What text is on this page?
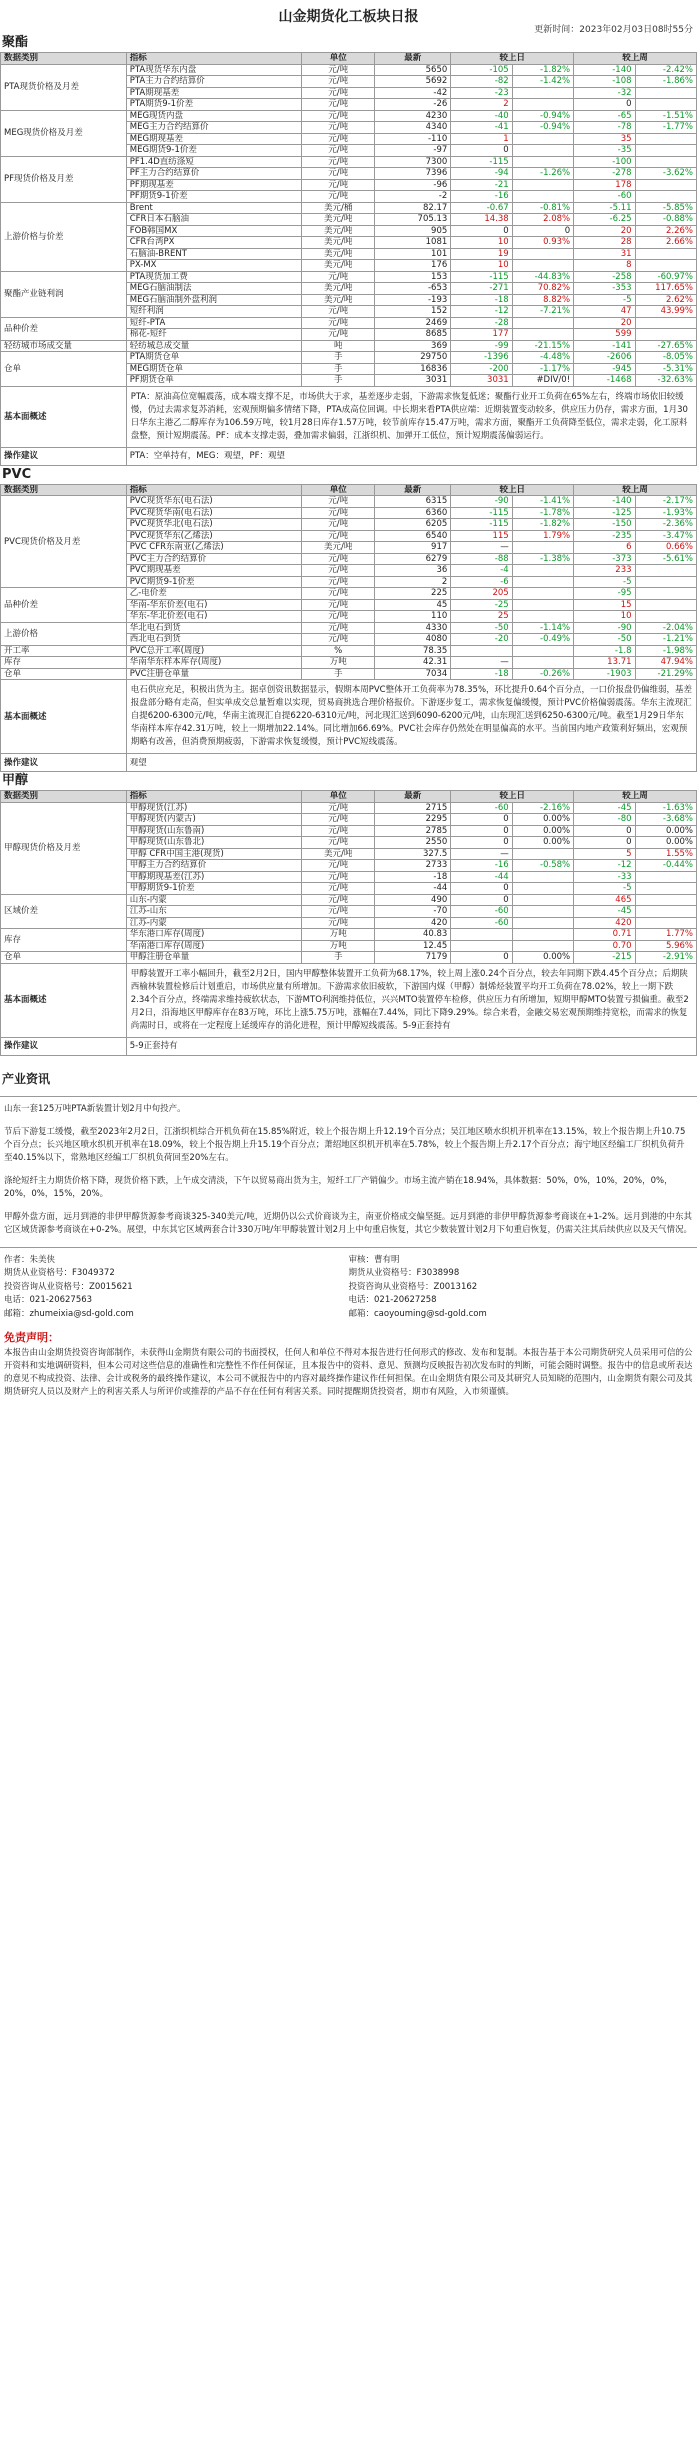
山金期货化工板块日报
更新时间：2023年02月03日08时55分
聚酯
数据类别	指标	单位	最新	较上日		较上周	
PTA现货价格及月差	PTA现货华东内盘	元/吨	5650	-105	-1.82%	-140	-2.42%
	PTA主力合约结算价	元/吨	5692	-82	-1.42%	-108	-1.86%
	PTA期现基差	元/吨	-42	-23		-32	
	PTA期货9-1价差	元/吨	-26	2		0	
MEG现货价格及月差	MEG现货内盘	元/吨	4230	-40	-0.94%	-65	-1.51%
	MEG主力合约结算价	元/吨	4340	-41	-0.94%	-78	-1.77%
	MEG期现基差	元/吨	-110	1		35	
	MEG期货9-1价差	元/吨	-97	0		-35	
PF现货价格及月差	PF1.4D直纺涤短	元/吨	7300	-115		-100	
	PF主力合约结算价	元/吨	7396	-94	-1.26%	-278	-3.62%
	PF期现基差	元/吨	-96	-21		178	
	PF期货9-1价差	元/吨	-2	-16		-60	
上游价格与价差	Brent	美元/桶	82.17	-0.67	-0.81%	-5.11	-5.85%
	CFR日本石脑油	美元/吨	705.13	14.38	2.08%	-6.25	-0.88%
	FOB韩国MX	美元/吨	905	0	0	20	2.26%
	CFR台湾PX	美元/吨	1081	10	0.93%	28	2.66%
	石脑油-BRENT	美元/吨	101	19		31	
	PX-MX	美元/吨	176	10		8	
聚酯产业链利润	PTA现货加工费	元/吨	153	-115	-44.83%	-258	-60.97%
	MEG石脑油制法	美元/吨	-653	-271	70.82%	-353	117.65%
	MEG石脑油制外盘利润	美元/吨	-193	-18	8.82%	-5	2.62%
	短纤利润	元/吨	152	-12	-7.21%	47	43.99%
品种价差	短纤-PTA	元/吨	2469	-28		20	
	棉花-短纤	元/吨	8685	177		599	
轻纺城市场成交量	轻纺城总成交量	吨	369	-99	-21.15%	-141	-27.65%
仓单	PTA期货仓单	手	29750	-1396	-4.48%	-2606	-8.05%
	MEG期货仓单	手	16836	-200	-1.17%	-945	-5.31%
	PF期货仓单	手	3031	3031	#DIV/0!	-1468	-32.63%
基本面概述	PTA：原油高位宽幅震荡，成本端支撑不足，市场供大于求，基差逐步走弱，下游需求恢复低迷；聚酯行业开工负荷在65%左右，终端市场依旧较缓慢，仍过去需求复苏消耗，宏观预期偏多情绪下降，PTA成高位回调。中长期来看PTA供应端：近期装置变动较多，供应压力仍存，需求方面，1月30日华东主港乙二醇库存为106.59万吨，较1月28日库存1.57万吨，较节前库存15.47万吨，需求方面，聚酯开工负荷降至低位，需求走弱，化工原料盘整，预计短期震荡。PF：成本支撑走弱，叠加需求偏弱，江浙织机、加弹开工低位，预计短期震荡偏弱运行。						
操作建议	PTA：空单持有，MEG：观望，PF：观望						
PVC
数据类别	指标	单位	最新	较上日		较上周	
PVC现货价格及月差	PVC现货华东(电石法)	元/吨	6315	-90	-1.41%	-140	-2.17%
	PVC现货华南(电石法)	元/吨	6360	-115	-1.78%	-125	-1.93%
	PVC现货华北(电石法)	元/吨	6205	-115	-1.82%	-150	-2.36%
	PVC现货华东(乙烯法)	元/吨	6540	115	1.79%	-235	-3.47%
	PVC CFR东南亚(乙烯法)	美元/吨	917	—		6	0.66%
	PVC主力合约结算价	元/吨	6279	-88	-1.38%	-373	-5.61%
	PVC期现基差	元/吨	36	-4		233	
	PVC期货9-1价差	元/吨	2	-6		-5	
品种价差	乙-电价差	元/吨	225	205		-95	
	华南-华东价差(电石)	元/吨	45	-25		15	
	华东-华北价差(电石)	元/吨	110	25		10	
上游价格	华北电石到货	元/吨	4330	-50	-1.14%	-90	-2.04%
	西北电石到货	元/吨	4080	-20	-0.49%	-50	-1.21%
开工率	PVC总开工率(周度)	%	78.35			-1.8	-1.98%
库存	华南华东样本库存(周度)	万吨	42.31	—		13.71	47.94%
仓单	PVC注册仓单量	手	7034	-18	-0.26%	-1903	-21.29%
基本面概述	电石供应充足，积极出货为主。据卓创资讯数据显示，假期本周PVC整体开工负荷率为78.35%，环比提升0.64个百分点，一口价报盘仍偏维弱，基差报盘部分略有走高，但实单成交总量暂难以实现，贸易商挑选合理价格报价。下游逐步复工，需求恢复偏缓慢，预计PVC价格偏弱震荡。华东主流现汇自提6200-6300元/吨，华南主流现汇自提6220-6310元/吨，河北现汇送到6090-6200元/吨，山东现汇送到6250-6300元/吨。截至1月29日华东华南样本库存42.31万吨，较上一期增加22.14%。同比增加66.69%。PVC社会库存仍然处在明显偏高的水平。当前国内地产政策利好频出，宏观预期略有改善，但消费预期疲弱，下游需求恢复缓慢，预计PVC短线震荡。						
操作建议	观望						
甲醇
数据类别	指标	单位	最新	较上日		较上周	
甲醇现货价格及月差	甲醇现货(江苏)	元/吨	2715	-60	-2.16%	-45	-1.63%
	甲醇现货(内蒙古)	元/吨	2295	0	0.00%	-80	-3.68%
	甲醇现货(山东鲁南)	元/吨	2785	0	0.00%	0	0.00%
	甲醇现货(山东鲁北)	元/吨	2550	0	0.00%	0	0.00%
	甲醇 CFR中国主港(现货)	美元/吨	327.5	—		5	1.55%
	甲醇主力合约结算价	元/吨	2733	-16	-0.58%	-12	-0.44%
	甲醇期现基差(江苏)	元/吨	-18	-44		-33	
	甲醇期货9-1价差	元/吨	-44	0		-5	
区域价差	山东-内蒙	元/吨	490	0		465	
	江苏-山东	元/吨	-70	-60		-45	
	江苏-内蒙	元/吨	420	-60		420	
库存	华东港口库存(周度)	万吨	40.83			0.71	1.77%
	华南港口库存(周度)	万吨	12.45			0.70	5.96%
仓单	甲醇注册仓单量	手	7179	0	0.00%	-215	-2.91%
基本面概述	甲醇装置开工率小幅回升，截至2月2日，国内甲醇整体装置开工负荷为68.17%，较上周上涨0.24个百分点，较去年同期下跌4.45个百分点；后期陕西榆林装置检修后计划重启，市场供应量有所增加。下游需求依旧疲软，下游国内煤（甲醇）制烯烃装置平均开工负荷在78.02%，较上一期下跌2.34个百分点，终端需求维持疲软状态，下游MTO利润维持低位，兴兴MTO装置停车检修，供应压力有所增加，短期甲醇MTO装置亏损偏重。截至2月2日，沿海地区甲醇库存在83万吨，环比上涨5.75万吨，涨幅在7.44%，同比下降9.29%。综合来看，金融交易宏观预期维持宽松，而需求的恢复尚需时日，或将在一定程度上延缓库存的消化进程，预计甲醇短线震荡。5-9正套持有						
操作建议	5-9正套持有						
产业资讯

山东一套125万吨PTA新装置计划2月中旬投产。

节后下游复工缓慢，截至2023年2月2日，江浙织机综合开机负荷在15.85%附近，较上个报告期上升12.19个百分点；吴江地区喷水织机开机率在13.15%，较上个报告期上升10.75个百分点；长兴地区喷水织机开机率在18.09%，较上个报告期上升15.19个百分点；萧绍地区织机开机率在5.78%，较上个报告期上升2.17个百分点；海宁地区经编工厂织机负荷升至40.15%以下，常熟地区经编工厂织机负荷回至20%左右。

涤纶短纤主力期货价格下降，现货价格下跌，上午成交清淡，下午以贸易商出货为主，短纤工厂产销偏少。市场主流产销在18.94%，具体数据：50%，0%，10%，20%，0%，20%，0%，15%，20%。

甲醇外盘方面，远月到港的非伊甲醇货源参考商谈325-340美元/吨，近期仍以公式价商谈为主，南亚价格成交偏坚挺。远月到港的非伊甲醇货源参考商谈在+1-2%。远月到港的中东其它区域货源参考商谈在+0-2%。展望，中东其它区域两套合计330万吨/年甲醇装置计划2月上中旬重启恢复，其它少数装置计划2月下旬重启恢复，仍需关注其后续供应以及天气情况。

作者：朱美侠
期货从业资格号：F3049372
投资咨询从业资格号：Z0015621
电话：021-20627563
邮箱：zhumeixia@sd-gold.com
审核：曹有明
期货从业资格号：F3038998
投资咨询从业资格号：Z0013162
电话：021-20627258
邮箱：caoyouming@sd-gold.com
免责声明：
本报告由山金期货投资咨询部制作，未获得山金期货有限公司的书面授权，任何人和单位不得对本报告进行任何形式的修改、发布和复制。本报告基于本公司期货研究人员采用可信的公开资料和实地调研资料，但本公司对这些信息的准确性和完整性不作任何保证，且本报告中的资料、意见、预测均反映报告初次发布时的判断，可能会随时调整。报告中的信息或所表达的意见不构成投资、法律、会计或税务的最终操作建议，本公司不就报告中的内容对最终操作建议作任何担保。在山金期货有限公司及其研究人员知晓的范围内，山金期货有限公司及其期货研究人员以及财产上的利害关系人与所评价或推荐的产品不存在任何有利害关系。同时提醒期货投资者，期市有风险，入市须谨慎。
